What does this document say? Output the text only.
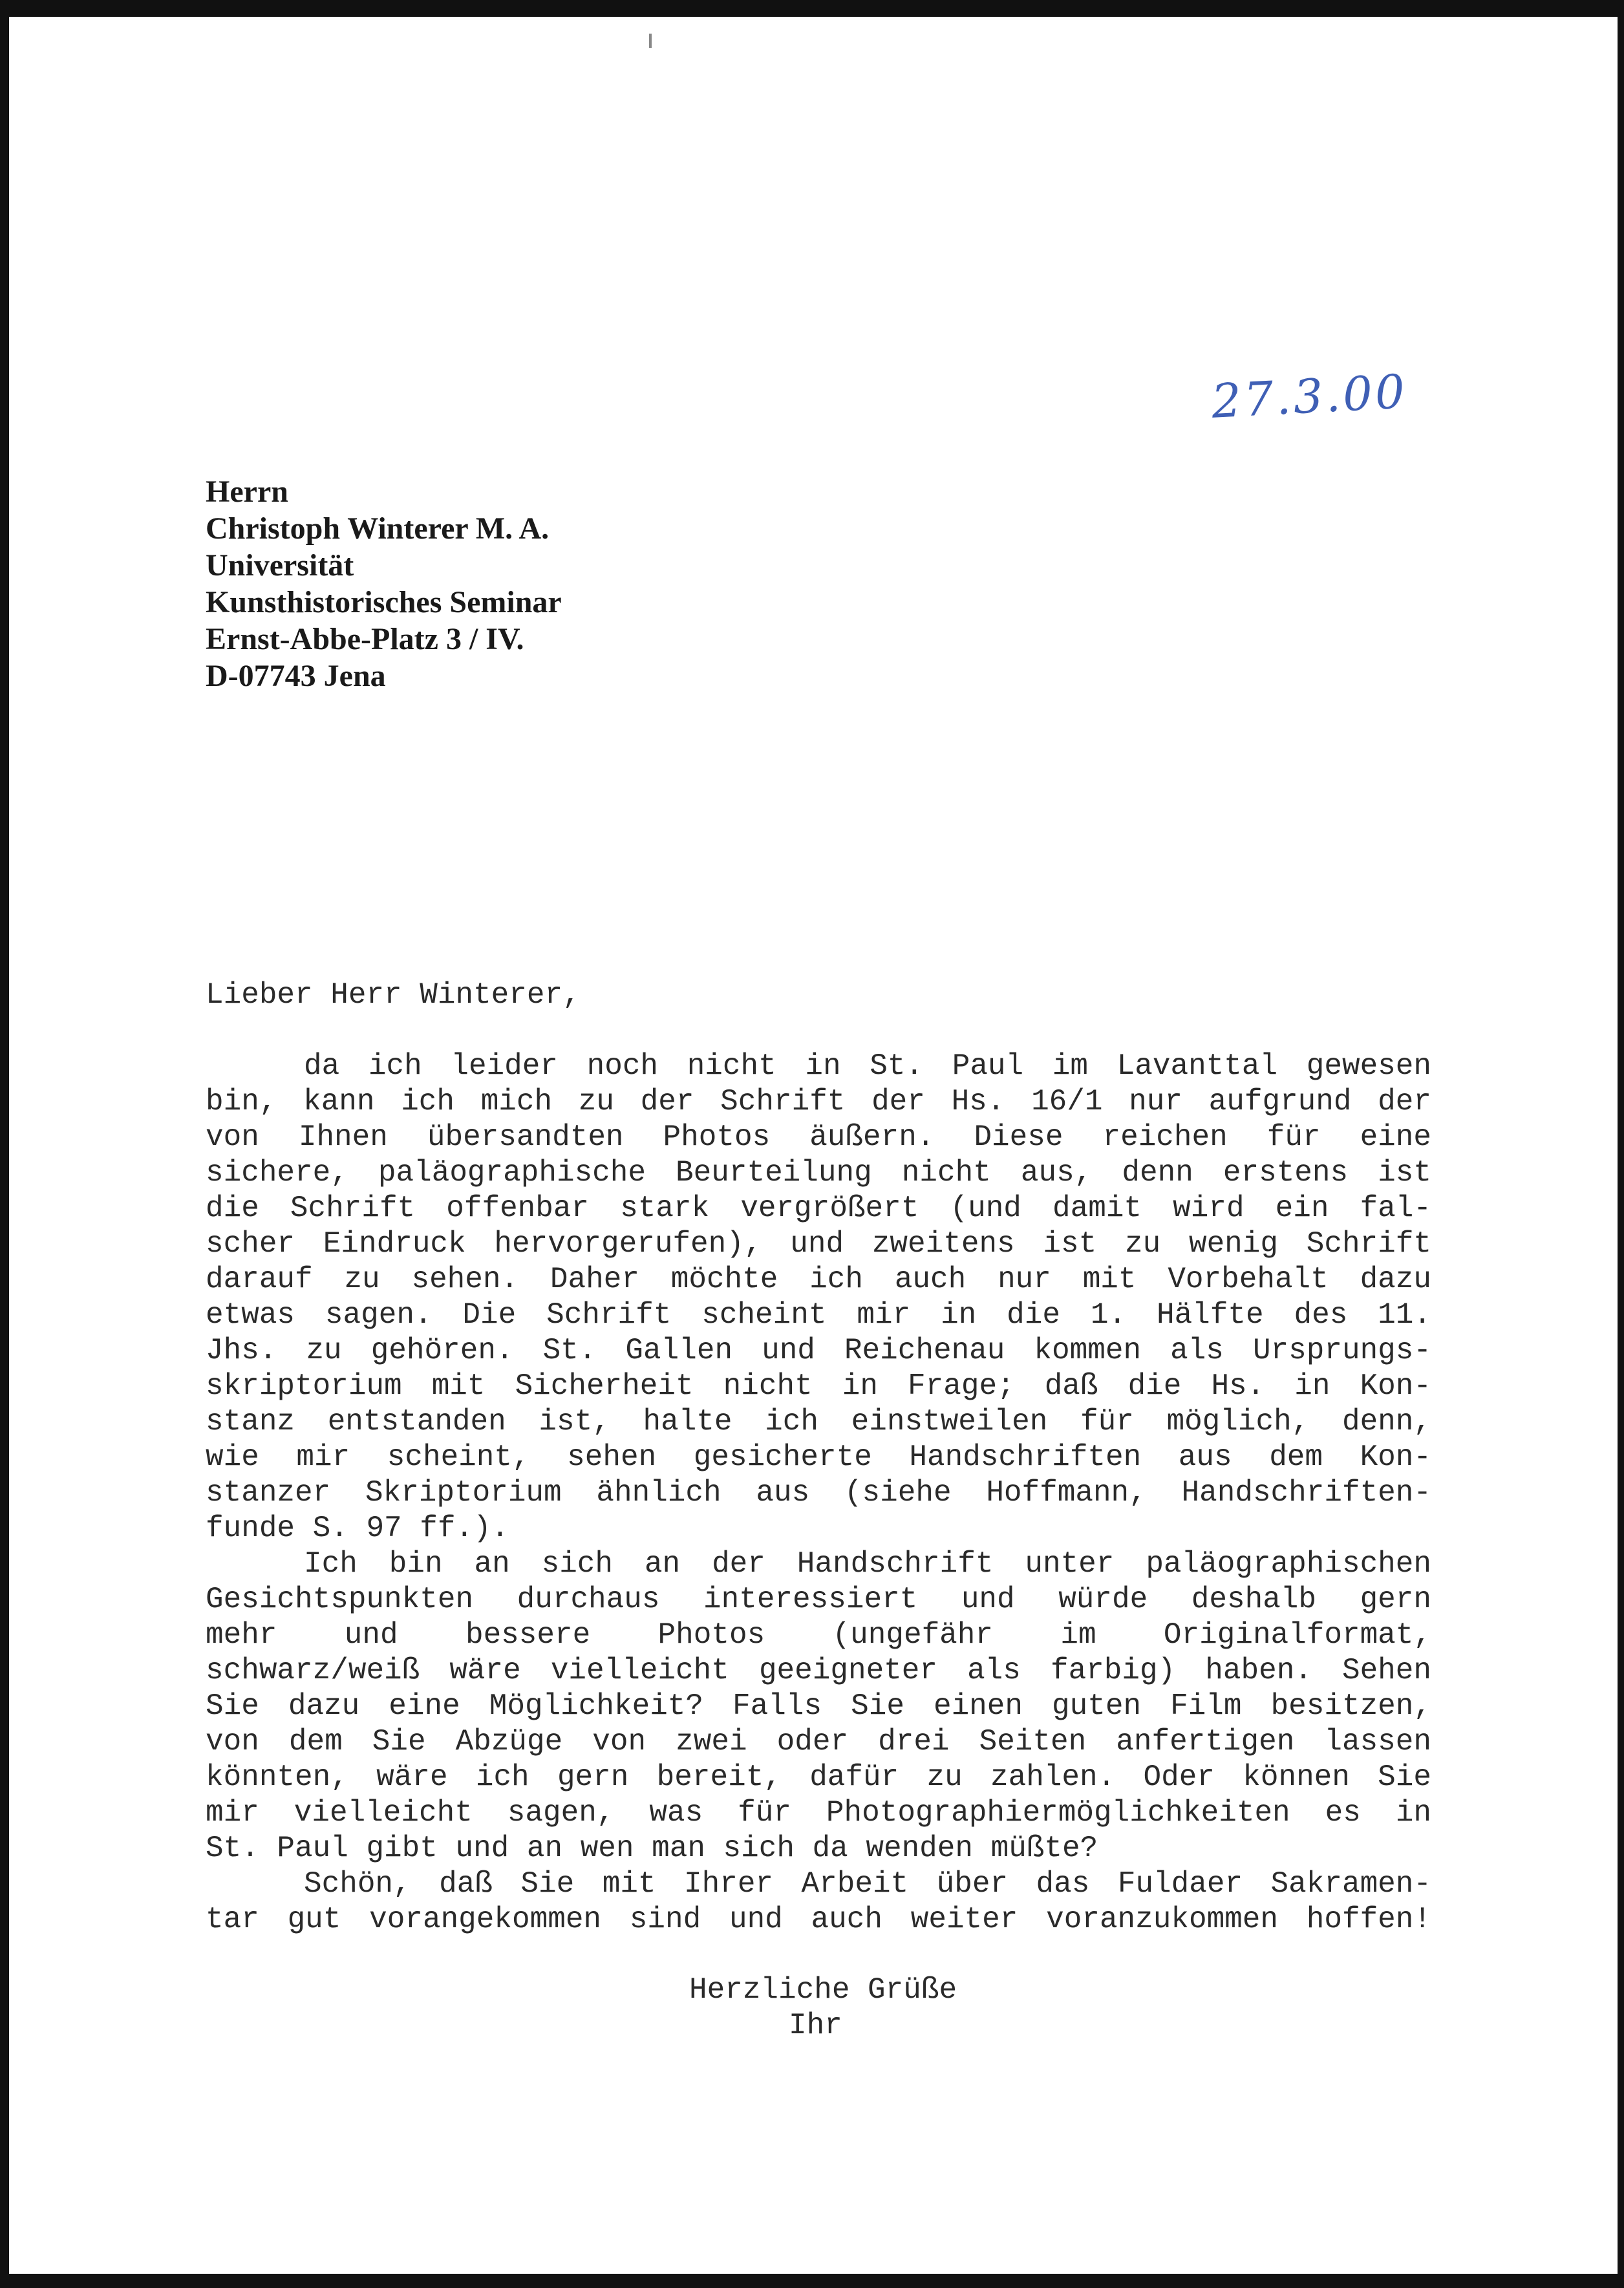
27.3.00
Herrn
Christoph Winterer M. A.
Universität
Kunsthistorisches Seminar
Ernst-Abbe-Platz 3 / IV.
D-07743 Jena
Lieber Herr Winterer,
da ich leider noch nicht in St. Paul im Lavanttal gewesen
bin, kann ich mich zu der Schrift der Hs. 16/1 nur aufgrund der
von Ihnen übersandten Photos äußern. Diese reichen für eine
sichere, paläographische Beurteilung nicht aus, denn erstens ist
die Schrift offenbar stark vergrößert (und damit wird ein fal-
scher Eindruck hervorgerufen), und zweitens ist zu wenig Schrift
darauf zu sehen. Daher möchte ich auch nur mit Vorbehalt dazu
etwas sagen. Die Schrift scheint mir in die 1. Hälfte des 11.
Jhs. zu gehören. St. Gallen und Reichenau kommen als Ursprungs-
skriptorium mit Sicherheit nicht in Frage; daß die Hs. in Kon-
stanz entstanden ist, halte ich einstweilen für möglich, denn,
wie mir scheint, sehen gesicherte Handschriften aus dem Kon-
stanzer Skriptorium ähnlich aus (siehe Hoffmann, Handschriften-
funde S. 97 ff.).
Ich bin an sich an der Handschrift unter paläographischen
Gesichtspunkten durchaus interessiert und würde deshalb gern
mehr und bessere Photos (ungefähr im Originalformat,
schwarz/weiß wäre vielleicht geeigneter als farbig) haben. Sehen
Sie dazu eine Möglichkeit? Falls Sie einen guten Film besitzen,
von dem Sie Abzüge von zwei oder drei Seiten anfertigen lassen
könnten, wäre ich gern bereit, dafür zu zahlen. Oder können Sie
mir vielleicht sagen, was für Photographiermöglichkeiten es in
St. Paul gibt und an wen man sich da wenden müßte?
Schön, daß Sie mit Ihrer Arbeit über das Fuldaer Sakramen-
tar gut vorangekommen sind und auch weiter voranzukommen hoffen!
Herzliche Grüße
Ihr
